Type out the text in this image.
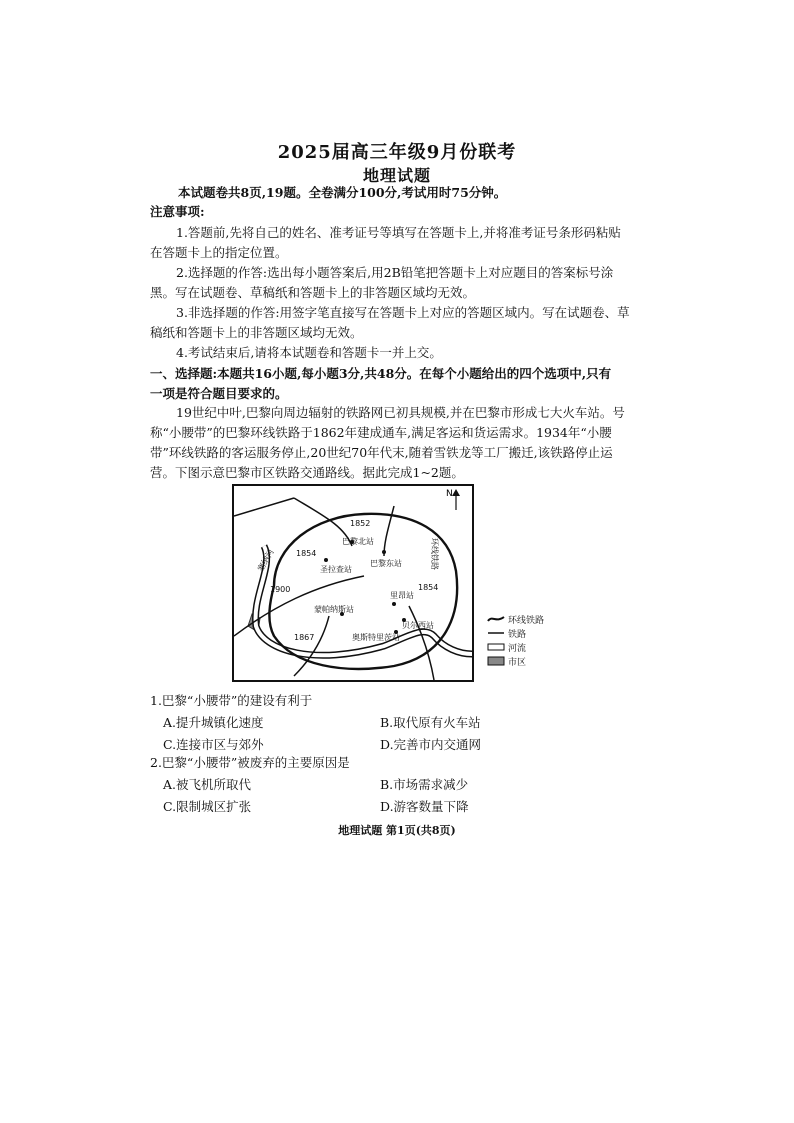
2025届高三年级9月份联考
地理试题
本试题卷共8页,19题。全卷满分100分,考试用时75分钟。
注意事项:
1.答题前,先将自己的姓名、准考证号等填写在答题卡上,并将准考证号条形码粘贴
在答题卡上的指定位置。
2.选择题的作答:选出每小题答案后,用2B铅笔把答题卡上对应题目的答案标号涂
黑。写在试题卷、草稿纸和答题卡上的非答题区域均无效。
3.非选择题的作答:用签字笔直接写在答题卡上对应的答题区域内。写在试题卷、草
稿纸和答题卡上的非答题区域均无效。
4.考试结束后,请将本试题卷和答题卡一并上交。
一、选择题:本题共16小题,每小题3分,共48分。在每个小题给出的四个选项中,只有
一项是符合题目要求的。
19世纪中叶,巴黎向周边辐射的铁路网已初具规模,并在巴黎市形成七大火车站。号
称“小腰带”的巴黎环线铁路于1862年建成通车,满足客运和货运需求。1934年“小腰
带”环线铁路的客运服务停止,20世纪70年代末,随着雪铁龙等工厂搬迁,该铁路停止运
营。下图示意巴黎市区铁路交通路线。据此完成1~2题。
N
塞纳河	环线铁路
1852
1854
1854
1900
1867
巴黎北站
圣拉查站
巴黎东站
里昂站
蒙帕纳斯站
贝尔西站
奥斯特里茨站
环线铁路
铁路
河流
市区
1.巴黎“小腰带”的建设有利于
A.提升城镇化速度	B.取代原有火车站
C.连接市区与郊外	D.完善市内交通网
2.巴黎“小腰带”被废弃的主要原因是
A.被飞机所取代	B.市场需求减少
C.限制城区扩张	D.游客数量下降
地理试题 第1页(共8页)
